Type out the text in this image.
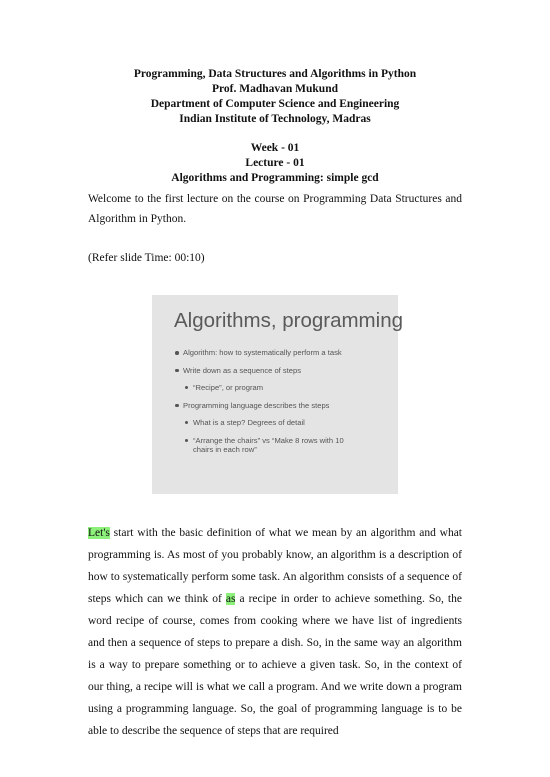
Programming, Data Structures and Algorithms in Python
Prof. Madhavan Mukund
Department of Computer Science and Engineering
Indian Institute of Technology, Madras
Week - 01
Lecture - 01
Algorithms and Programming: simple gcd
Welcome to the first lecture on the course on Programming Data Structures and Algorithm in Python.
(Refer slide Time: 00:10)
Algorithms, programming
Algorithm: how to systematically perform a task
Write down as a sequence of steps
“Recipe”, or program
Programming language describes the steps
What is a step? Degrees of detail
“Arrange the chairs” vs “Make 8 rows with 10
chairs in each row”
Let's start with the basic definition of what we mean by an algorithm and what programming is. As most of you probably know, an algorithm is a description of how to systematically perform some task. An algorithm consists of a sequence of steps which can we think of as a recipe in order to achieve something. So, the word recipe of course, comes from cooking where we have list of ingredients and then a sequence of steps to prepare a dish. So, in the same way an algorithm is a way to prepare something or to achieve a given task. So, in the context of our thing, a recipe will is what we call a program. And we write down a program using a programming language. So, the goal of programming language is to be able to describe the sequence of steps that are required
